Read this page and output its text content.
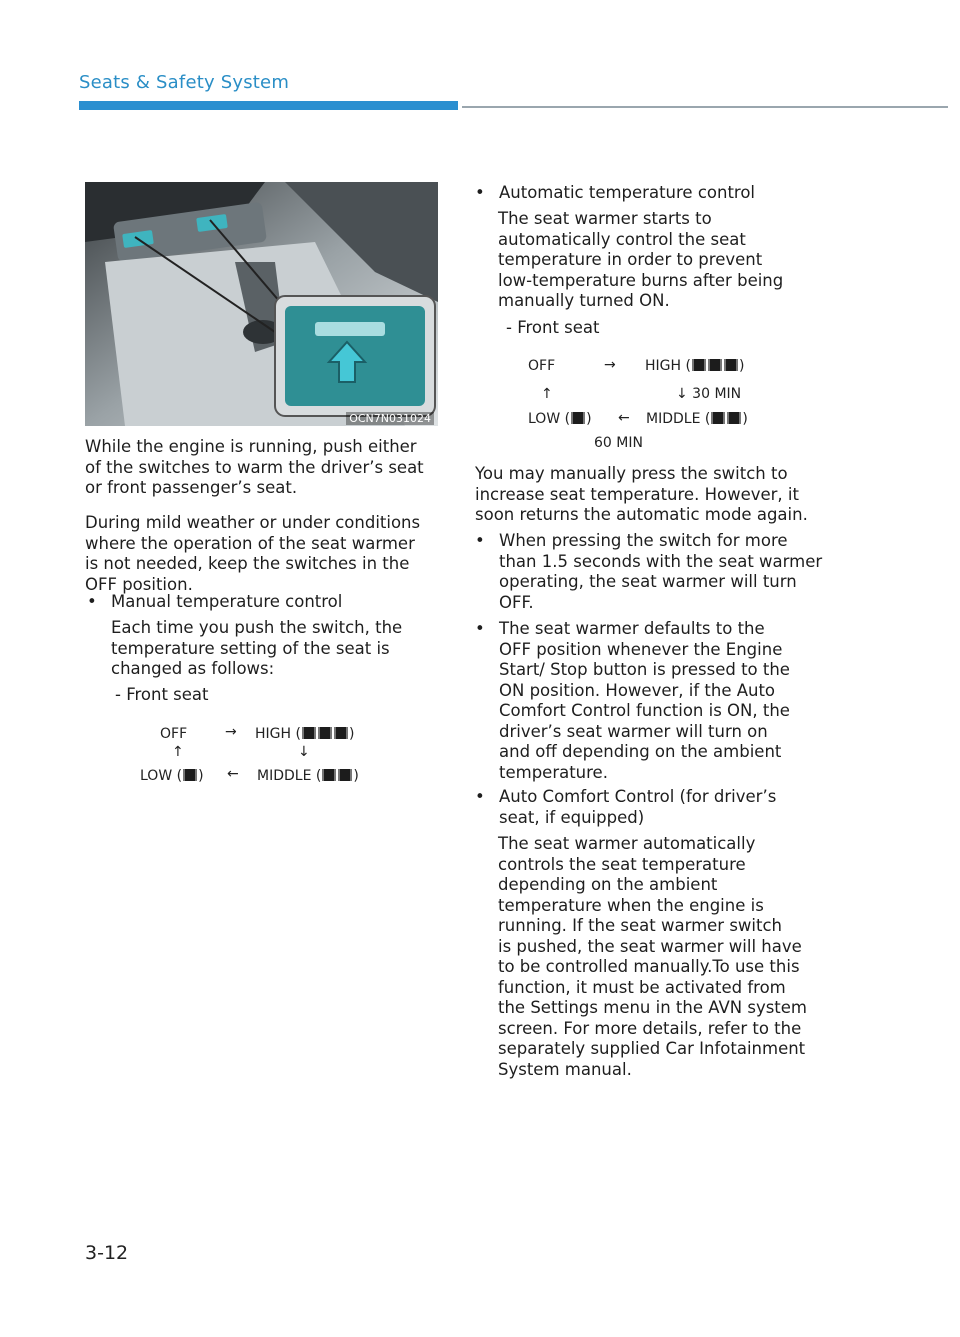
Seats & Safety System
OCN7N031024
While the engine is running, push either
of the switches to warm the driver’s seat
or front passenger’s seat.
During mild weather or under conditions
where the operation of the seat warmer
is not needed, keep the switches in the
OFF position.
• Manual temperature control
Each time you push the switch, the
temperature setting of the seat is
changed as follows:
- Front seat
OFF	→ HIGH (	)
↑	↓
LOW ( ) ← MIDDLE ( )
• Automatic temperature control
The seat warmer starts to
automatically control the seat
temperature in order to prevent
low-temperature burns after being
manually turned ON.
- Front seat
OFF	→ HIGH (	)
↑	↓ 30 MIN
LOW ( ) ← MIDDLE ( )
60 MIN
You may manually press the switch to
increase seat temperature. However, it
soon returns the automatic mode again.
• When pressing the switch for more
than 1.5 seconds with the seat warmer
operating, the seat warmer will turn
OFF.
• The seat warmer defaults to the
OFF position whenever the Engine
Start/ Stop button is pressed to the
ON position. However, if the Auto
Comfort Control function is ON, the
driver’s seat warmer will turn on
and off depending on the ambient
temperature.
• Auto Comfort Control (for driver’s
seat, if equipped)
The seat warmer automatically
controls the seat temperature
depending on the ambient
temperature when the engine is
running. If the seat warmer switch
is pushed, the seat warmer will have
to be controlled manually.To use this
function, it must be activated from
the Settings menu in the AVN system
screen. For more details, refer to the
separately supplied Car Infotainment
System manual.
3-12
